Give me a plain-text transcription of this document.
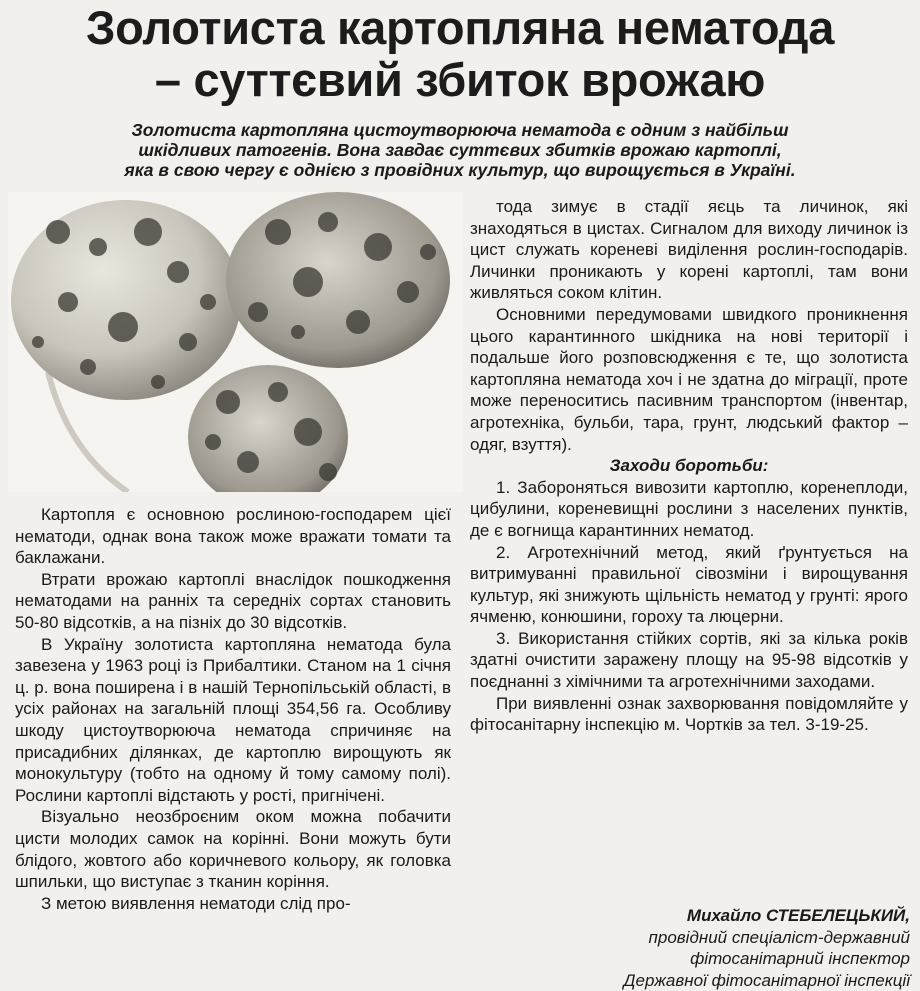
Золотиста картопляна нематода
– суттєвий збиток врожаю
Золотиста картопляна цистоутворююча нематода є одним з найбільш
шкідливих патогенів. Вона завдає суттєвих збитків врожаю картоплі,
яка в свою чергу є однією з провідних культур, що вирощується в Україні.

Картопля є основною рослиною-господарем цієї нематоди, однак вона також може вражати томати та баклажани.

Втрати врожаю картоплі внаслідок пошкодження нематодами на ранніх та середніх сортах становить 50-80 відсотків, а на пізніх до 30 відсотків.

В Україну золотиста картопляна нематода була завезена у 1963 році із Прибалтики. Станом на 1 січня ц. р. вона поширена і в нашій Тернопільській області, в усіх районах на загальній площі 354,56 га. Особливу шкоду цистоутворююча нематода спричиняє на присадибних ділянках, де картоплю вирощують як монокультуру (тобто на одному й тому самому полі). Рослини картоплі відстають у рості, пригнічені.

Візуально неозброєним оком можна побачити цисти молодих самок на корінні. Вони можуть бути блідого, жовтого або коричневого кольору, як головка шпильки, що виступає з тканин коріння.

З метою виявлення нематоди слід про-

тода зимує в стадії яєць та личинок, які знаходяться в цистах. Сигналом для виходу личинок із цист служать кореневі виділення рослин-господарів. Личинки проникають у корені картоплі, там вони живляться соком клітин.

Основними передумовами швидкого проникнення цього карантинного шкідника на нові території і подальше його розповсюдження є те, що золотиста картопляна нематода хоч і не здатна до міграції, проте може переноситись пасивним транспортом (інвентар, агротехніка, бульби, тара, грунт, людський фактор – одяг, взуття).

Заходи боротьби:

1. Забороняться вивозити картоплю, коренеплоди, цибулини, кореневищні рослини з населених пунктів, де є вогнища карантинних нематод.

2. Агротехнічний метод, який ґрунтується на витримуванні правильної сівозміни і вирощування культур, які знижують щільність нематод у грунті: ярого ячменю, конюшини, гороху та люцерни.

3. Використання стійких сортів, які за кілька років здатні очистити заражену площу на 95-98 відсотків у поєднанні з хімічними та агротехнічними заходами.

При виявленні ознак захворювання повідомляйте у фітосанітарну інспекцію м. Чортків за тел. 3-19-25.

Михайло СТЕБЕЛЕЦЬКИЙ,
провідний спеціаліст-державний
фітосанітарний інспектор
Державної фітосанітарної інспекції
